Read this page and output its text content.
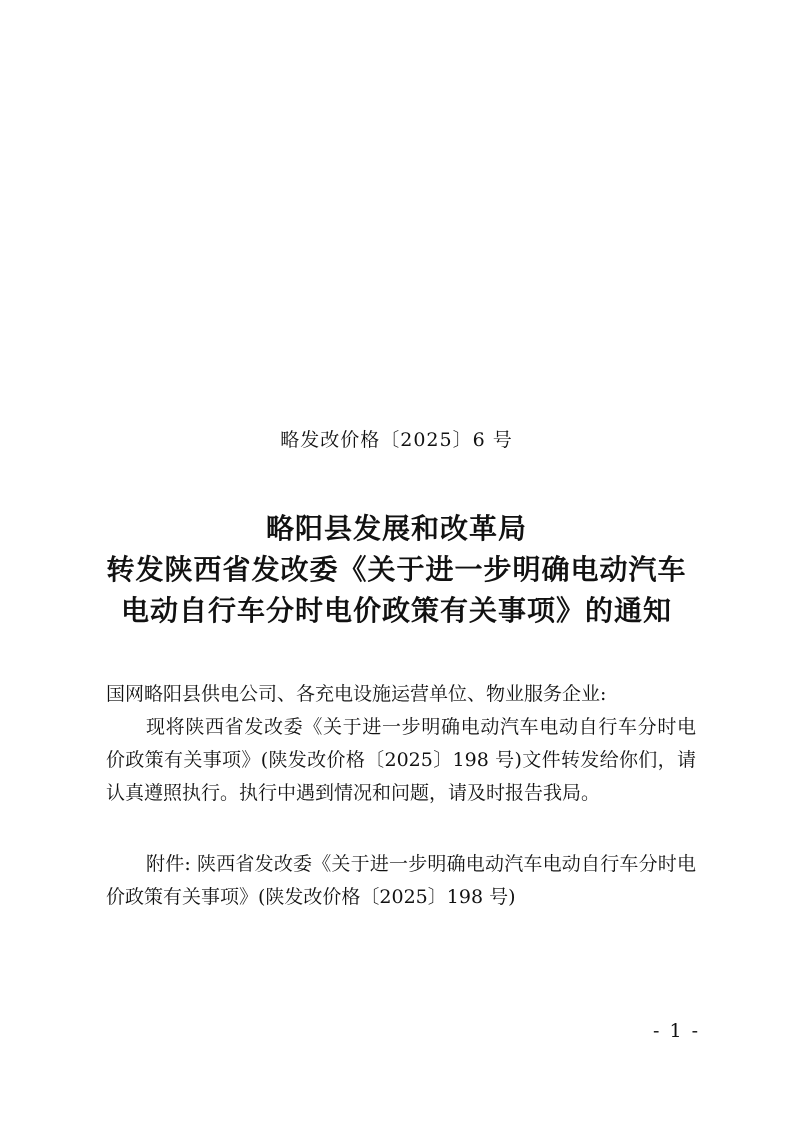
略发改价格〔2025〕6 号
略阳县发展和改革局
转发陕西省发改委《关于进一步明确电动汽车
电动自行车分时电价政策有关事项》的通知

国网略阳县供电公司、各充电设施运营单位、物业服务企业:

现将陕西省发改委《关于进一步明确电动汽车电动自行车分时电价政策有关事项》(陕发改价格〔2025〕198 号)文件转发给你们，请认真遵照执行。执行中遇到情况和问题，请及时报告我局。

附件: 陕西省发改委《关于进一步明确电动汽车电动自行车分时电价政策有关事项》(陕发改价格〔2025〕198 号)

- 1 -
